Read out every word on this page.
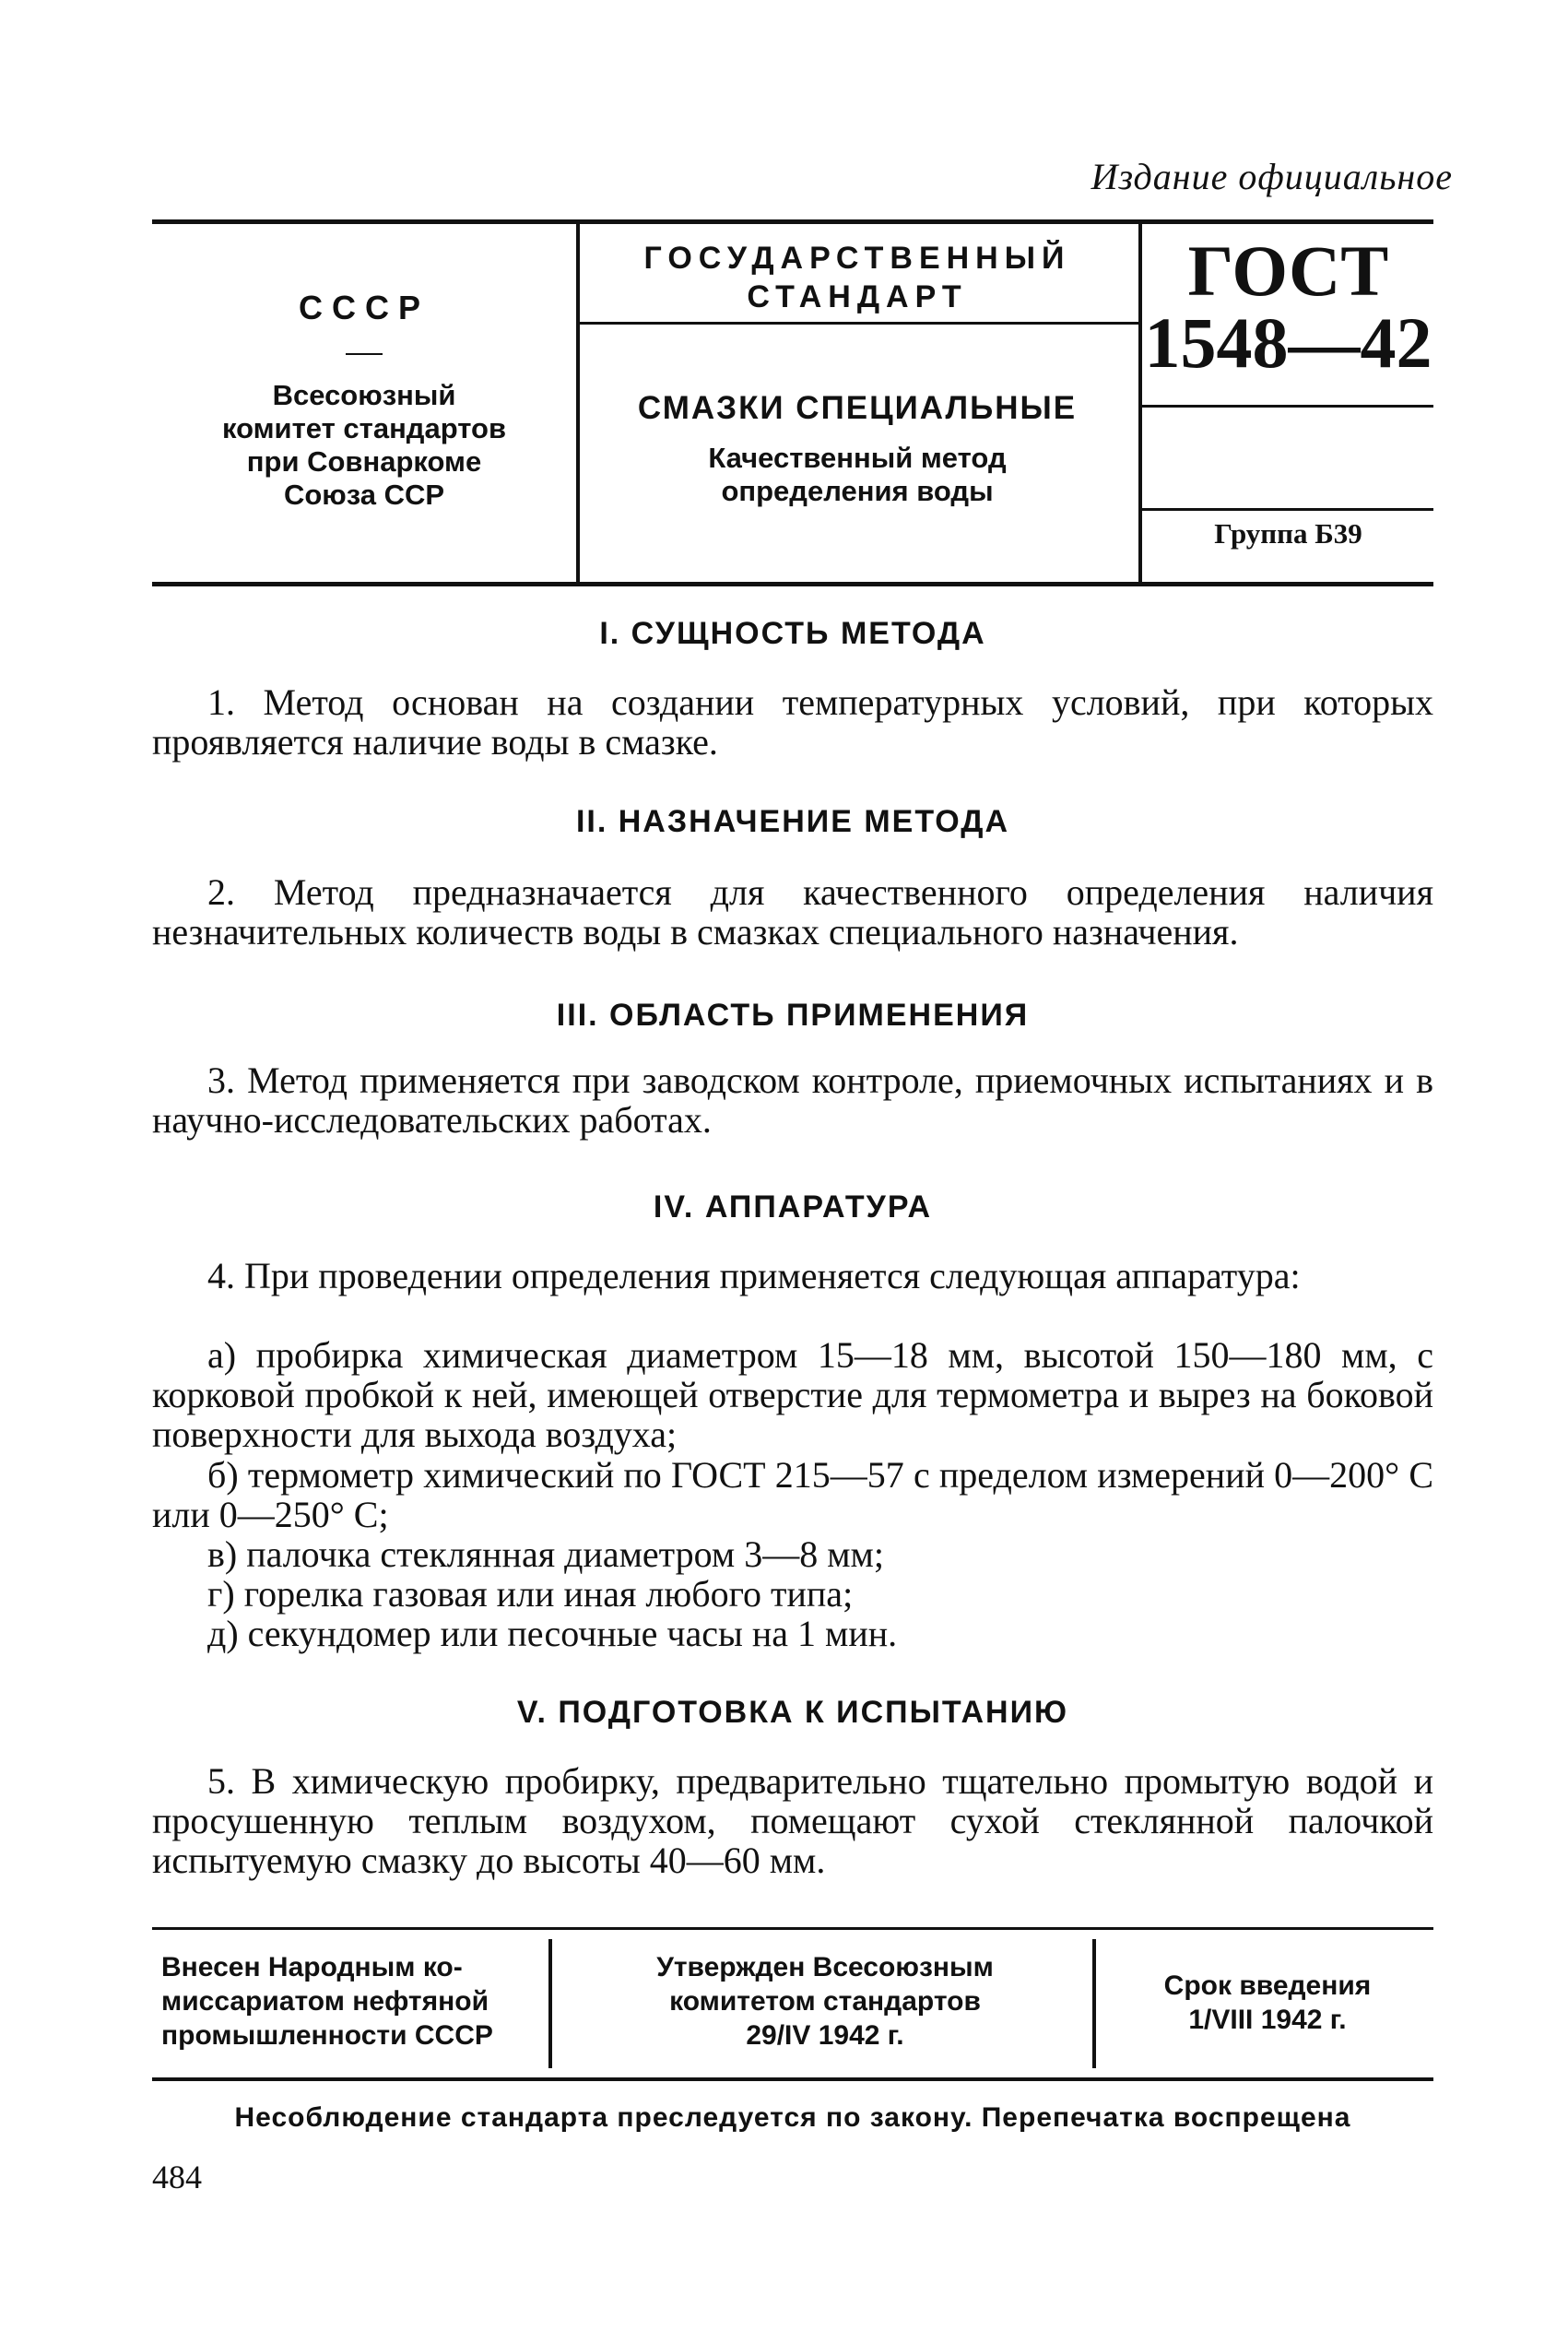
Издание официальное
СССР
Всесоюзный
комитет стандартов
при Совнаркоме
Союза ССР
ГОСУДАРСТВЕННЫЙ
СТАНДАРТ
СМАЗКИ СПЕЦИАЛЬНЫЕ
Качественный метод
определения воды
ГОСТ
1548—42
Группа Б39
I. СУЩНОСТЬ МЕТОДА

1. Метод основан на создании температурных условий, при которых проявляется наличие воды в смазке.

II. НАЗНАЧЕНИЕ МЕТОДА

2. Метод предназначается для качественного определения наличия незначительных количеств воды в смазках специального назначения.

III. ОБЛАСТЬ ПРИМЕНЕНИЯ

3. Метод применяется при заводском контроле, приемочных испытаниях и в научно-исследовательских работах.

IV. АППАРАТУРА

4. При проведении определения применяется следующая аппаратура:

а) пробирка химическая диаметром 15—18 мм, высотой 150—180 мм, с корковой пробкой к ней, имеющей отверстие для термометра и вырез на боковой поверхности для выхода воздуха;

б) термометр химический по ГОСТ 215—57 с пределом измерений 0—200° С или 0—250° С;

в) палочка стеклянная диаметром 3—8 мм;

г) горелка газовая или иная любого типа;

д) секундомер или песочные часы на 1 мин.

V. ПОДГОТОВКА К ИСПЫТАНИЮ

5. В химическую пробирку, предварительно тщательно промытую водой и просушенную теплым воздухом, помещают сухой стеклянной палочкой испытуемую смазку до высоты 40—60 мм.

Внесен Народным ко-
миссариатом нефтяной
промышленности СССР
Утвержден Всесоюзным
комитетом стандартов
29/IV 1942 г.
Срок введения
1/VIII 1942 г.
Несоблюдение стандарта преследуется по закону. Перепечатка воспрещена
484
